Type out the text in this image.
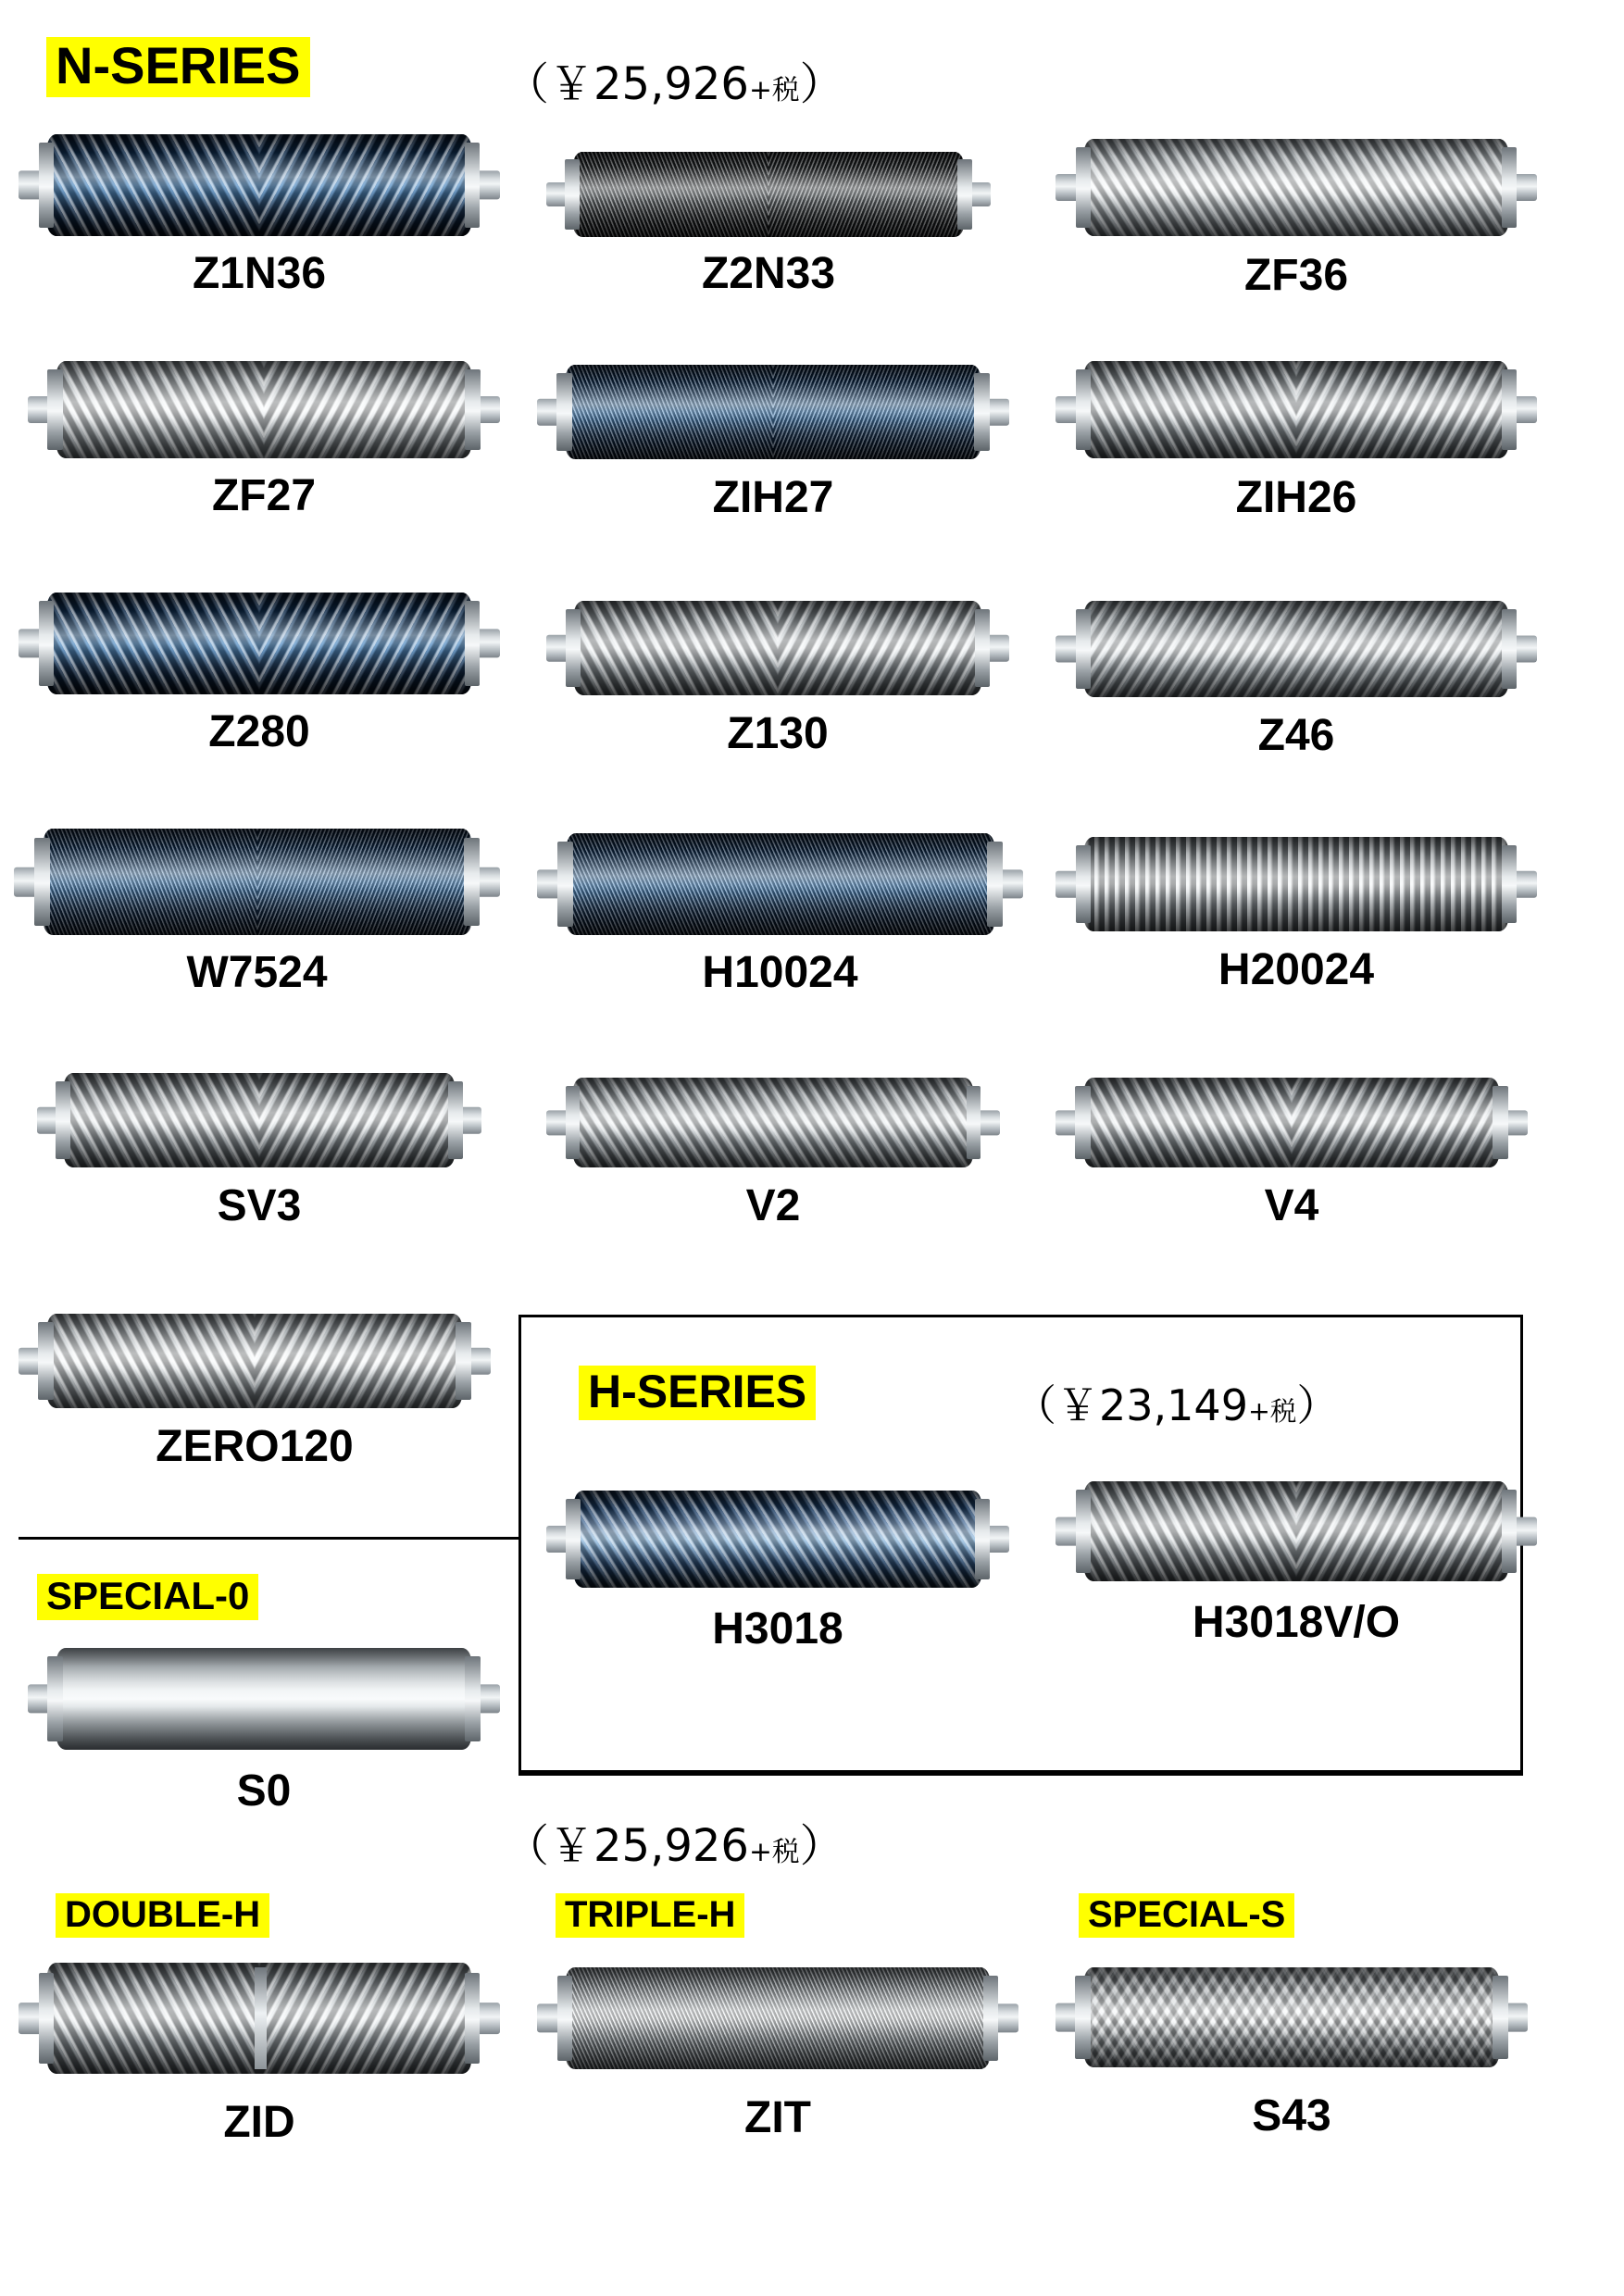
N-SERIES	（￥25,926+税）
Z1N36	Z2N33	ZF36
ZF27	ZIH27	ZIH26
Z280	Z130	Z46
W7524	H10024	H20024
SV3	V2	V4
ZERO120
H-SERIES	（￥23,149+税）
H3018	H3018V/O
SPECIAL-0
S0
（￥25,926+税）
DOUBLE-H	TRIPLE-H	SPECIAL-S
ZID	ZIT	S43
